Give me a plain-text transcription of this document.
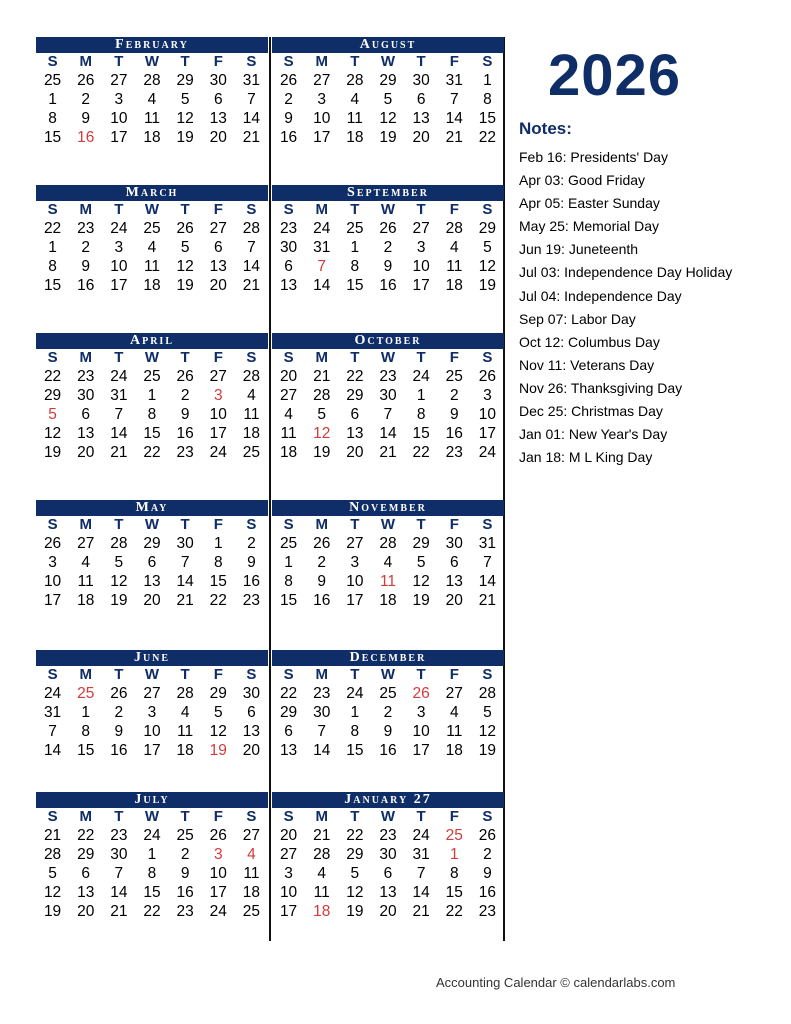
February
S	M	T	W	T	F	S
25	26	27	28	29	30	31
1	2	3	4	5	6	7
8	9	10	11	12	13	14
15	16	17	18	19	20	21
August
S	M	T	W	T	F	S
26	27	28	29	30	31	1
2	3	4	5	6	7	8
9	10	11	12	13	14	15
16	17	18	19	20	21	22
March
S	M	T	W	T	F	S
22	23	24	25	26	27	28
1	2	3	4	5	6	7
8	9	10	11	12	13	14
15	16	17	18	19	20	21
September
S	M	T	W	T	F	S
23	24	25	26	27	28	29
30	31	1	2	3	4	5
6	7	8	9	10	11	12
13	14	15	16	17	18	19
April
S	M	T	W	T	F	S
22	23	24	25	26	27	28
29	30	31	1	2	3	4
5	6	7	8	9	10	11
12	13	14	15	16	17	18
19	20	21	22	23	24	25
October
S	M	T	W	T	F	S
20	21	22	23	24	25	26
27	28	29	30	1	2	3
4	5	6	7	8	9	10
11	12	13	14	15	16	17
18	19	20	21	22	23	24
May
S	M	T	W	T	F	S
26	27	28	29	30	1	2
3	4	5	6	7	8	9
10	11	12	13	14	15	16
17	18	19	20	21	22	23
November
S	M	T	W	T	F	S
25	26	27	28	29	30	31
1	2	3	4	5	6	7
8	9	10	11	12	13	14
15	16	17	18	19	20	21
June
S	M	T	W	T	F	S
24	25	26	27	28	29	30
31	1	2	3	4	5	6
7	8	9	10	11	12	13
14	15	16	17	18	19	20
December
S	M	T	W	T	F	S
22	23	24	25	26	27	28
29	30	1	2	3	4	5
6	7	8	9	10	11	12
13	14	15	16	17	18	19
July
S	M	T	W	T	F	S
21	22	23	24	25	26	27
28	29	30	1	2	3	4
5	6	7	8	9	10	11
12	13	14	15	16	17	18
19	20	21	22	23	24	25
January 27
S	M	T	W	T	F	S
20	21	22	23	24	25	26
27	28	29	30	31	1	2
3	4	5	6	7	8	9
10	11	12	13	14	15	16
17	18	19	20	21	22	23
2026
Notes:
Feb 16: Presidents' Day
Apr 03: Good Friday
Apr 05: Easter Sunday
May 25: Memorial Day
Jun 19: Juneteenth
Jul 03: Independence Day Holiday
Jul 04: Independence Day
Sep 07: Labor Day
Oct 12: Columbus Day
Nov 11: Veterans Day
Nov 26: Thanksgiving Day
Dec 25: Christmas Day
Jan 01: New Year's Day
Jan 18: M L King Day
Accounting Calendar © calendarlabs.com
